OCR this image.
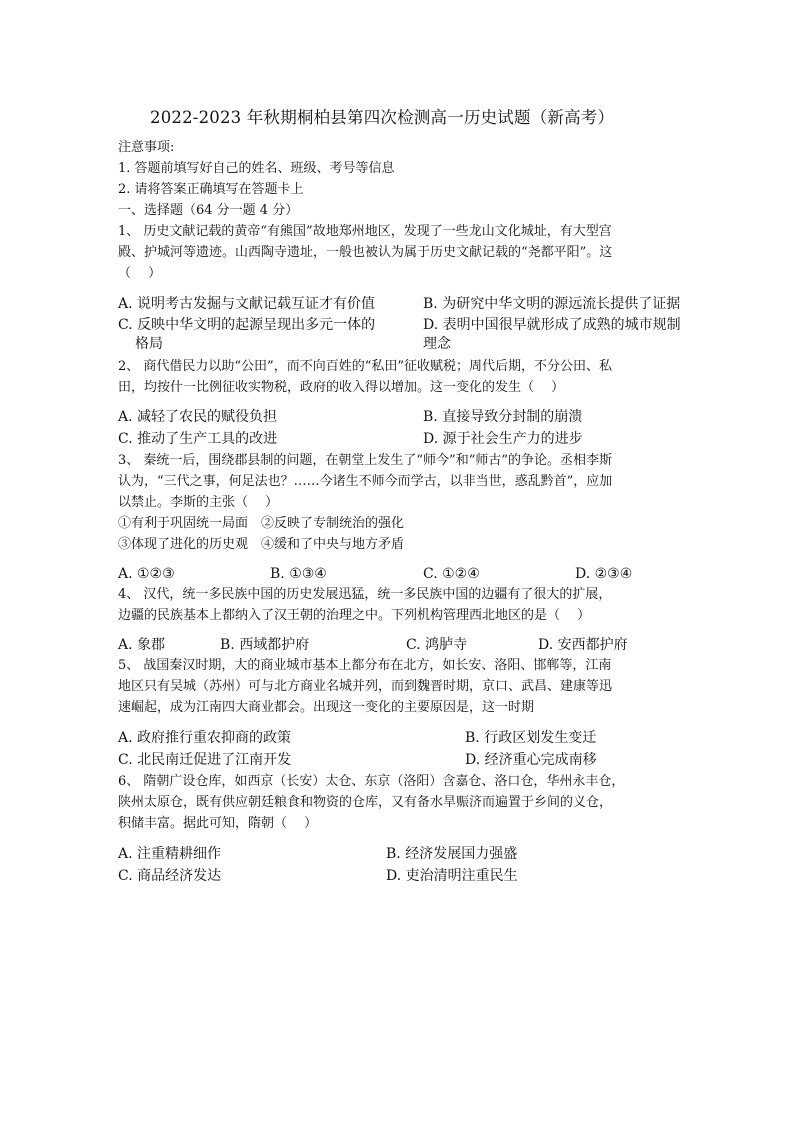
2022-2023 年秋期桐柏县第四次检测高一历史试题（新高考）
注意事项:
1. 答题前填写好自己的姓名、班级、考号等信息
2. 请将答案正确填写在答题卡上
一、选择题（64 分一题 4 分）
1、 历史文献记载的黄帝“有熊国”故地郑州地区，发现了一些龙山文化城址，有大型宫
殿、护城河等遗迹。山西陶寺遗址，一般也被认为属于历史文献记载的“尧都平阳”。这
（　 ）
A. 说明考古发掘与文献记载互证才有价值	B. 为研究中华文明的源远流长提供了证据
C. 反映中华文明的起源呈现出多元一体的
格局
D. 表明中国很早就形成了成熟的城市规制
理念
2、 商代借民力以助“公田”，而不向百姓的“私田”征收赋税；周代后期，不分公田、私
田，均按什一比例征收实物税，政府的收入得以增加。这一变化的发生（　 ）
A. 减轻了农民的赋役负担	B. 直接导致分封制的崩溃
C. 推动了生产工具的改进	D. 源于社会生产力的进步
3、 秦统一后，围绕郡县制的问题，在朝堂上发生了“师今”和“师古”的争论。丞相李斯
认为，“三代之事，何足法也？……今诸生不师今而学古，以非当世，惑乱黔首”，应加
以禁止。李斯的主张（　 ）
①有利于巩固统一局面　②反映了专制统治的强化
③体现了进化的历史观　④缓和了中央与地方矛盾
A. ①②③	B. ①③④	C. ①②④	D. ②③④
4、 汉代，统一多民族中国的历史发展迅猛，统一多民族中国的边疆有了很大的扩展，
边疆的民族基本上都纳入了汉王朝的治理之中。下列机构管理西北地区的是（　 ）
A. 象郡	B. 西域都护府	C. 鸿胪寺	D. 安西都护府
5、 战国秦汉时期，大的商业城市基本上都分布在北方，如长安、洛阳、邯郸等，江南
地区只有吴城（苏州）可与北方商业名城并列，而到魏晋时期，京口、武昌、建康等迅
速崛起，成为江南四大商业都会。出现这一变化的主要原因是，这一时期
A. 政府推行重农抑商的政策	B. 行政区划发生变迁
C. 北民南迁促进了江南开发	D. 经济重心完成南移
6、 隋朝广设仓库，如西京（长安）太仓、东京（洛阳）含嘉仓、洛口仓，华州永丰仓，
陕州太原仓，既有供应朝廷粮食和物资的仓库，又有备水旱赈济而遍置于乡间的义仓，
积储丰富。据此可知，隋朝（　 ）
A. 注重精耕细作	B. 经济发展国力强盛
C. 商品经济发达	D. 吏治清明注重民生
